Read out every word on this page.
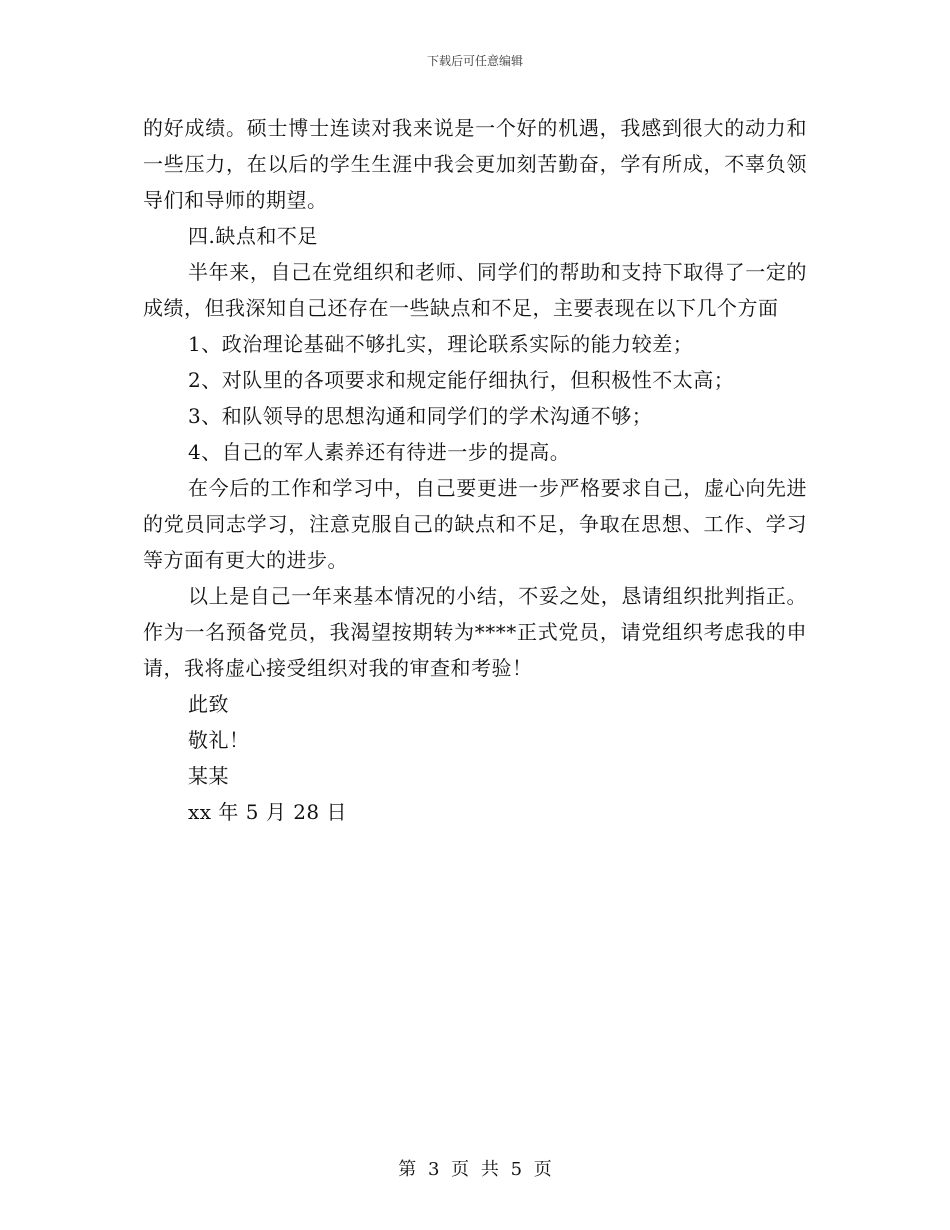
下载后可任意编辑

的好成绩。硕士博士连读对我来说是一个好的机遇，我感到很大的动力和一些压力，在以后的学生生涯中我会更加刻苦勤奋，学有所成，不辜负领导们和导师的期望。

四.缺点和不足

半年来，自己在党组织和老师、同学们的帮助和支持下取得了一定的成绩，但我深知自己还存在一些缺点和不足，主要表现在以下几个方面

1、政治理论基础不够扎实，理论联系实际的能力较差；

2、对队里的各项要求和规定能仔细执行，但积极性不太高；

3、和队领导的思想沟通和同学们的学术沟通不够；

4、自己的军人素养还有待进一步的提高。

在今后的工作和学习中，自己要更进一步严格要求自己，虚心向先进的党员同志学习，注意克服自己的缺点和不足，争取在思想、工作、学习等方面有更大的进步。

以上是自己一年来基本情况的小结，不妥之处，恳请组织批判指正。作为一名预备党员，我渴望按期转为****正式党员，请党组织考虑我的申请，我将虚心接受组织对我的审查和考验！

此致

敬礼！

某某

xx 年 5 月 28 日

第 3 页 共 5 页
